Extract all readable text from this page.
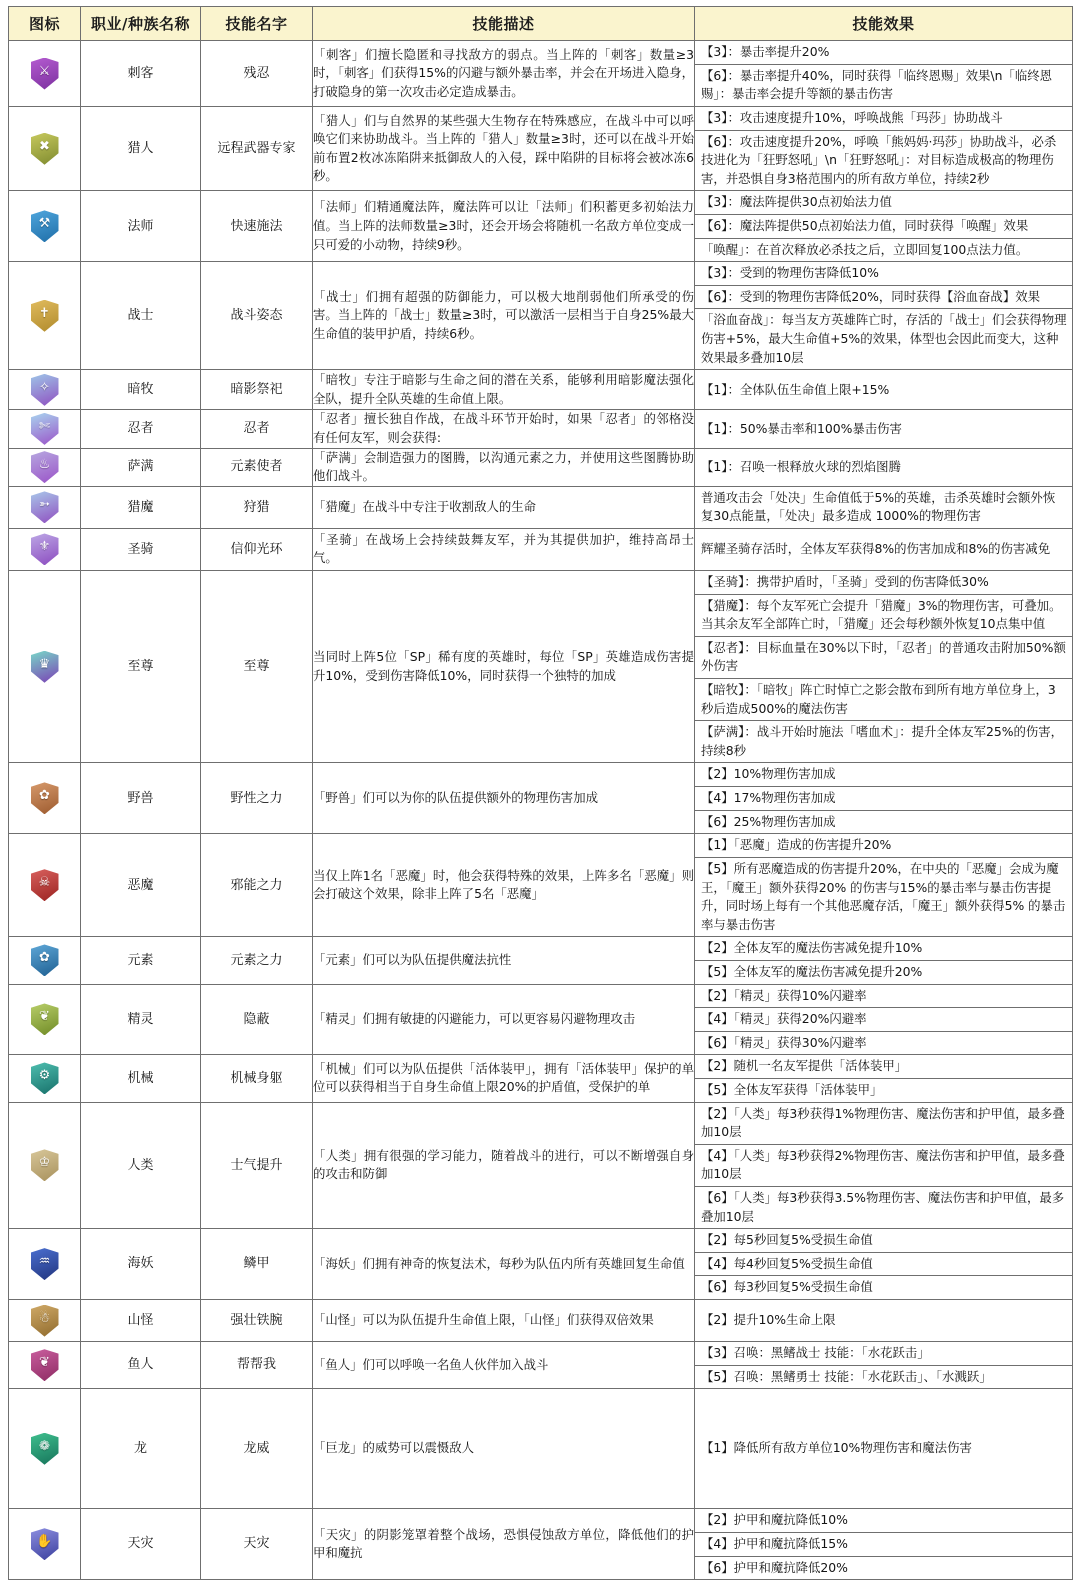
图标	职业/种族名称	技能名字	技能描述	技能效果

⚔	刺客	残忍	「刺客」们擅长隐匿和寻找敌方的弱点。当上阵的「刺客」数量≥3时，「刺客」们获得15%的闪避与额外暴击率，并会在开场进入隐身，打破隐身的第一次攻击必定造成暴击。	
【3】：暴击率提升20%
【6】：暴击率提升40%，同时获得「临终恩赐」效果\n「临终恩赐」：暴击率会提升等额的暴击伤害

✖	猎人	远程武器专家	「猎人」们与自然界的某些强大生物存在特殊感应，在战斗中可以呼唤它们来协助战斗。当上阵的「猎人」数量≥3时，还可以在战斗开始前布置2枚冰冻陷阱来抵御敌人的入侵，踩中陷阱的目标将会被冰冻6秒。	
【3】：攻击速度提升10%，呼唤战熊「玛莎」协助战斗
【6】：攻击速度提升20%，呼唤「熊妈妈·玛莎」协助战斗，必杀技进化为「狂野怒吼」\n「狂野怒吼」：对目标造成极高的物理伤害，并恐惧自身3格范围内的所有敌方单位，持续2秒

⚒	法师	快速施法	「法师」们精通魔法阵，魔法阵可以让「法师」们积蓄更多初始法力值。当上阵的法师数量≥3时，还会开场会将随机一名敌方单位变成一只可爱的小动物，持续9秒。	
【3】：魔法阵提供30点初始法力值
【6】：魔法阵提供50点初始法力值，同时获得「唤醒」效果
「唤醒」：在首次释放必杀技之后，立即回复100点法力值。

✝	战士	战斗姿态	「战士」们拥有超强的防御能力，可以极大地削弱他们所承受的伤害。当上阵的「战士」数量≥3时，可以激活一层相当于自身25%最大生命值的装甲护盾，持续6秒。	
【3】：受到的物理伤害降低10%
【6】：受到的物理伤害降低20%，同时获得【浴血奋战】效果
「浴血奋战」：每当友方英雄阵亡时，存活的「战士」们会获得物理伤害+5%，最大生命值+5%的效果，体型也会因此而变大，这种效果最多叠加10层

✧	暗牧	暗影祭祀	「暗牧」专注于暗影与生命之间的潜在关系，能够利用暗影魔法强化全队，提升全队英雄的生命值上限。	
【1】：全体队伍生命值上限+15%

✄	忍者	忍者	「忍者」擅长独自作战，在战斗环节开始时，如果「忍者」的邻格没有任何友军，则会获得:	
【1】：50%暴击率和100%暴击伤害

♨	萨满	元素使者	「萨满」会制造强力的图腾，以沟通元素之力，并使用这些图腾协助他们战斗。	
【1】：召唤一根释放火球的烈焰图腾

➳	猎魔	狩猎	「猎魔」在战斗中专注于收割敌人的生命	
普通攻击会「处决」生命值低于5%的英雄，击杀英雄时会额外恢复30点能量，「处决」最多造成 1000%的物理伤害

⚜	圣骑	信仰光环	「圣骑」在战场上会持续鼓舞友军，并为其提供加护，维持高昂士气。	
辉耀圣骑存活时，全体友军获得8%的伤害加成和8%的伤害减免

♛	至尊	至尊	当同时上阵5位「SP」稀有度的英雄时，每位「SP」英雄造成伤害提升10%，受到伤害降低10%，同时获得一个独特的加成	
【圣骑】：携带护盾时，「圣骑」受到的伤害降低30%
【猎魔】：每个友军死亡会提升「猎魔」3%的物理伤害，可叠加。当其余友军全部阵亡时，「猎魔」还会每秒额外恢复10点集中值
【忍者】：目标血量在30%以下时，「忍者」的普通攻击附加50%额外伤害
【暗牧】：「暗牧」阵亡时悼亡之影会散布到所有地方单位身上，3秒后造成500%的魔法伤害
【萨满】：战斗开始时施法「嗜血术」：提升全体友军25%的伤害，持续8秒

✿	野兽	野性之力	「野兽」们可以为你的队伍提供额外的物理伤害加成	
【2】10%物理伤害加成
【4】17%物理伤害加成
【6】25%物理伤害加成

☠	恶魔	邪能之力	当仅上阵1名「恶魔」时，他会获得特殊的效果，上阵多名「恶魔」则会打破这个效果，除非上阵了5名「恶魔」	
【1】「恶魔」造成的伤害提升20%
【5】所有恶魔造成的伤害提升20%，在中央的「恶魔」会成为魔王，「魔王」额外获得20% 的伤害与15%的暴击率与暴击伤害提升，同时场上每有一个其他恶魔存活，「魔王」额外获得5% 的暴击率与暴击伤害

✿	元素	元素之力	「元素」们可以为队伍提供魔法抗性	
【2】全体友军的魔法伤害减免提升10%
【5】全体友军的魔法伤害减免提升20%

❦	精灵	隐蔽	「精灵」们拥有敏捷的闪避能力，可以更容易闪避物理攻击	
【2】「精灵」获得10%闪避率
【4】「精灵」获得20%闪避率
【6】「精灵」获得30%闪避率

⚙	机械	机械身躯	「机械」们可以为队伍提供「活体装甲」，拥有「活体装甲」保护的单位可以获得相当于自身生命值上限20%的护盾值，受保护的单	
【2】随机一名友军提供「活体装甲」
【5】全体友军获得「活体装甲」

♔	人类	士气提升	「人类」拥有很强的学习能力，随着战斗的进行，可以不断增强自身的攻击和防御	
【2】「人类」每3秒获得1%物理伤害、魔法伤害和护甲值，最多叠加10层
【4】「人类」每3秒获得2%物理伤害、魔法伤害和护甲值，最多叠加10层
【6】「人类」每3秒获得3.5%物理伤害、魔法伤害和护甲值，最多叠加10层

♒	海妖	鳞甲	「海妖」们拥有神奇的恢复法术，每秒为队伍内所有英雄回复生命值	
【2】每5秒回复5%受损生命值
【4】每4秒回复5%受损生命值
【6】每3秒回复5%受损生命值

☃	山怪	强壮铁腕	「山怪」可以为队伍提升生命值上限，「山怪」们获得双倍效果		【2】提升10%生命上限

❦	鱼人	帮帮我	「鱼人」们可以呼唤一名鱼人伙伴加入战斗	
【3】召唤：黑鳍战士 技能：「水花跃击」
【5】召唤：黑鳍勇士 技能：「水花跃击」、「水溅跃」

❁	龙	龙威	「巨龙」的威势可以震慑敌人		【1】降低所有敌方单位10%物理伤害和魔法伤害

✋	天灾	天灾	「天灾」的阴影笼罩着整个战场，恐惧侵蚀敌方单位，降低他们的护甲和魔抗	
【2】护甲和魔抗降低10%
【4】护甲和魔抗降低15%
【6】护甲和魔抗降低20%
